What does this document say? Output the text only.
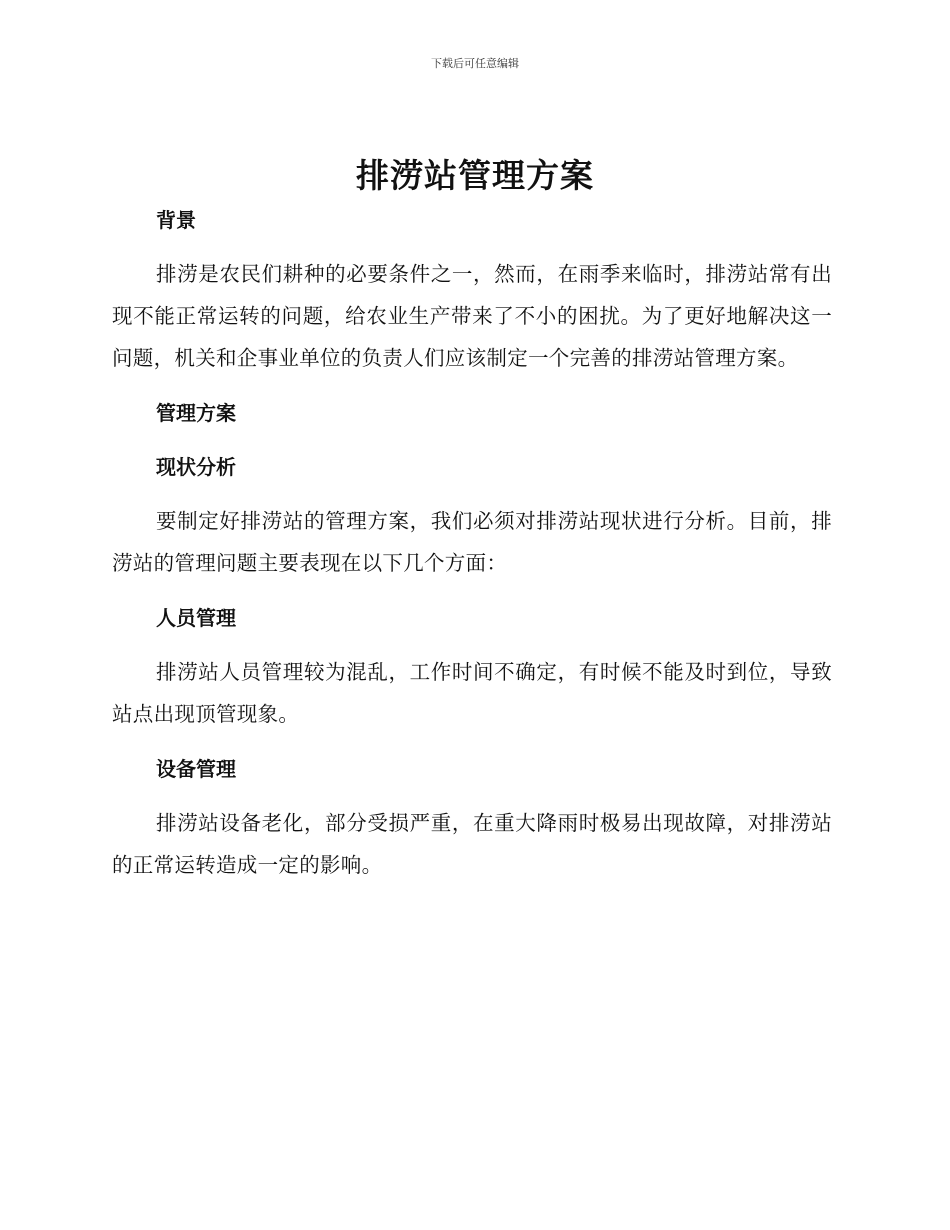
下载后可任意编辑
排涝站管理方案
背景

排涝是农民们耕种的必要条件之一，然而，在雨季来临时，排涝站常有出现不能正常运转的问题，给农业生产带来了不小的困扰。为了更好地解决这一问题，机关和企事业单位的负责人们应该制定一个完善的排涝站管理方案。

管理方案
现状分析

要制定好排涝站的管理方案，我们必须对排涝站现状进行分析。目前，排涝站的管理问题主要表现在以下几个方面：

人员管理

排涝站人员管理较为混乱，工作时间不确定，有时候不能及时到位，导致站点出现顶管现象。

设备管理

排涝站设备老化，部分受损严重，在重大降雨时极易出现故障，对排涝站的正常运转造成一定的影响。
